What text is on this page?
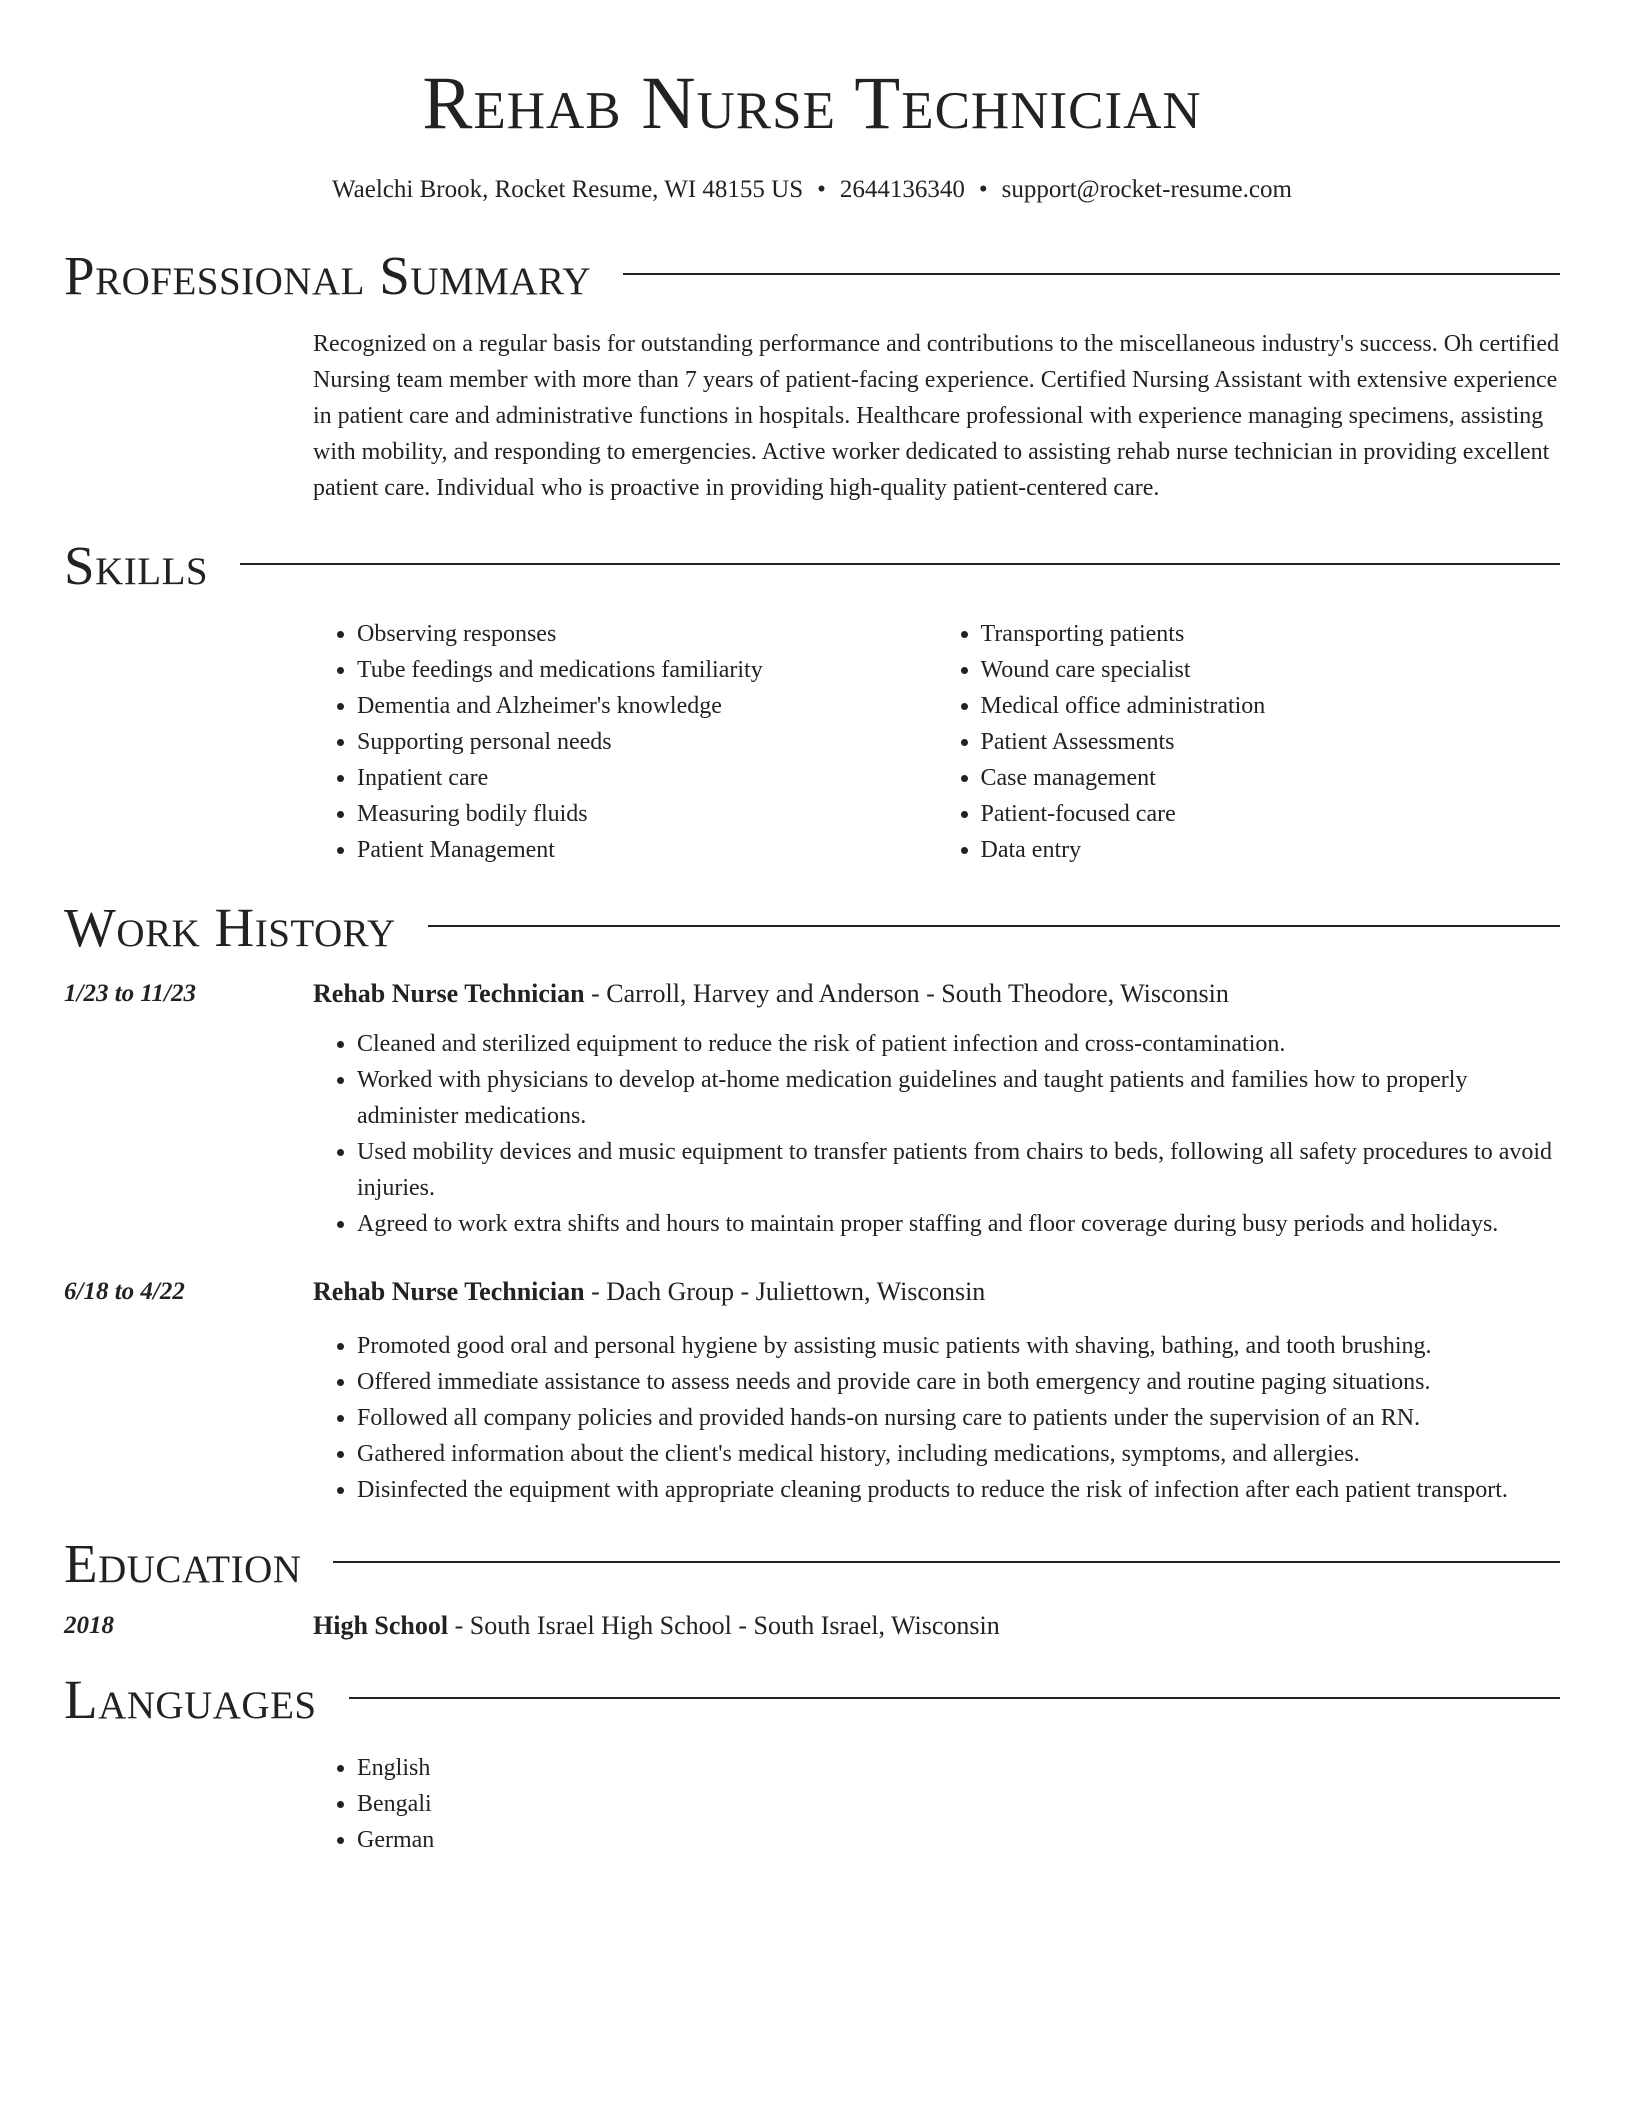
Rehab Nurse Technician
Waelchi Brook, Rocket Resume, WI 48155 US • 2644136340 • support@rocket-resume.com
Professional Summary
Recognized on a regular basis for outstanding performance and contributions to the miscellaneous industry's success. Oh certified Nursing team member with more than 7 years of patient-facing experience. Certified Nursing Assistant with extensive experience in patient care and administrative functions in hospitals. Healthcare professional with experience managing specimens, assisting with mobility, and responding to emergencies. Active worker dedicated to assisting rehab nurse technician in providing excellent patient care. Individual who is proactive in providing high-quality patient-centered care.
Skills
• Observing responses
• Tube feedings and medications familiarity
• Dementia and Alzheimer's knowledge
• Supporting personal needs
• Inpatient care
• Measuring bodily fluids
• Patient Management
• Transporting patients
• Wound care specialist
• Medical office administration
• Patient Assessments
• Case management
• Patient-focused care
• Data entry
Work History
1/23 to 11/23	Rehab Nurse Technician - Carroll, Harvey and Anderson - South Theodore, Wisconsin
• Cleaned and sterilized equipment to reduce the risk of patient infection and cross-contamination.
• Worked with physicians to develop at-home medication guidelines and taught patients and families how to properly administer medications.
• Used mobility devices and music equipment to transfer patients from chairs to beds, following all safety procedures to avoid injuries.
• Agreed to work extra shifts and hours to maintain proper staffing and floor coverage during busy periods and holidays.
6/18 to 4/22	Rehab Nurse Technician - Dach Group - Juliettown, Wisconsin
• Promoted good oral and personal hygiene by assisting music patients with shaving, bathing, and tooth brushing.
• Offered immediate assistance to assess needs and provide care in both emergency and routine paging situations.
• Followed all company policies and provided hands-on nursing care to patients under the supervision of an RN.
• Gathered information about the client's medical history, including medications, symptoms, and allergies.
• Disinfected the equipment with appropriate cleaning products to reduce the risk of infection after each patient transport.
Education
2018	High School - South Israel High School - South Israel, Wisconsin
Languages
• English
• Bengali
• German
